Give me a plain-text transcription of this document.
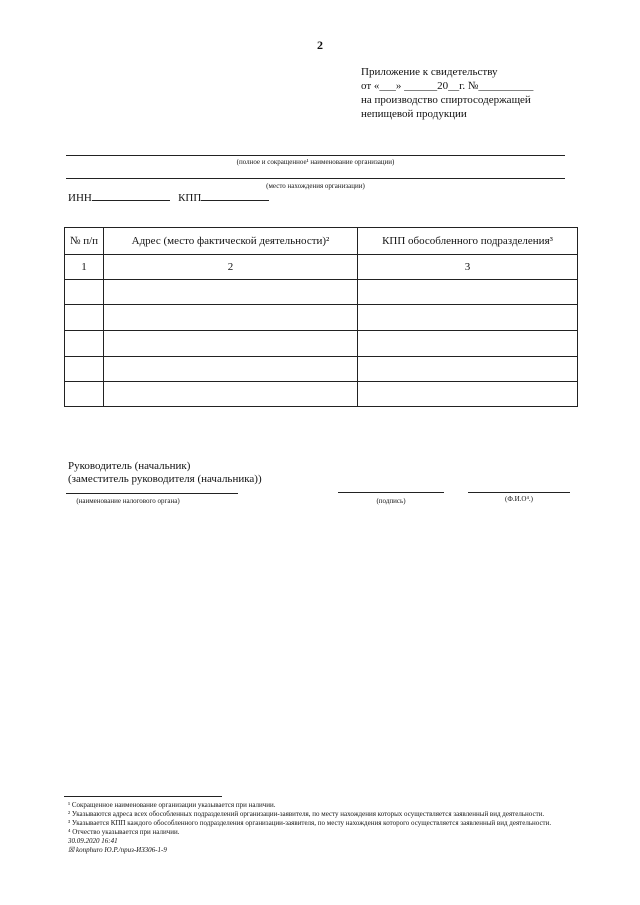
2
Приложение к свидетельству
от «___» ______20__г. №__________
на производство спиртосодержащей
непищевой продукции
(полное и сокращенное¹ наименование организации)
(место нахождения организации)
ИНН	КПП
№ п/п	Адрес (место фактической деятельности)²	КПП обособленного подразделения³
1	2	3

Руководитель (начальник)
(заместитель руководителя (начальника))
(наименование налогового органа)	(подпись)	(Ф.И.О⁴.)
¹ Сокращенное наименование организации указывается при наличии.
² Указываются адреса всех обособленных подразделений организации-заявителя, по месту нахождения которых осуществляется заявленный вид деятельности.
³ Указывается КПП каждого обособленного подразделения организации-заявителя, по месту нахождения которого осуществляется заявленный вид деятельности.
⁴ Отчество указывается при наличии.
30.09.2020 16:41
☒ konphuro Ю.Р./приз-ИЗ306-1-9
